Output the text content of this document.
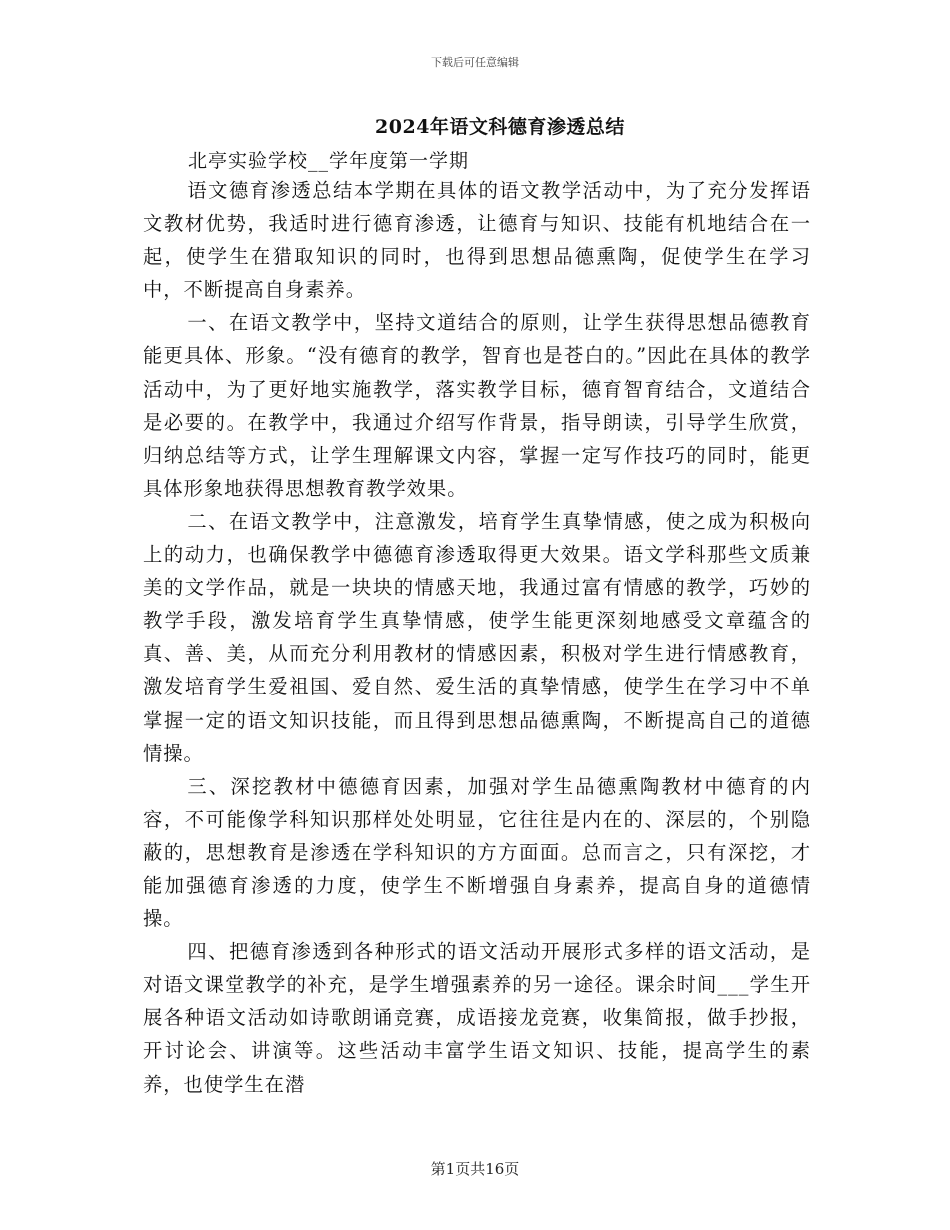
下载后可任意编辑
2024年语文科德育渗透总结
北亭实验学校__学年度第一学期

语文德育渗透总结本学期在具体的语文教学活动中，为了充分发挥语文教材优势，我适时进行德育渗透，让德育与知识、技能有机地结合在一起，使学生在猎取知识的同时，也得到思想品德熏陶，促使学生在学习中，不断提高自身素养。

一、在语文教学中，坚持文道结合的原则，让学生获得思想品德教育能更具体、形象。“没有德育的教学，智育也是苍白的。”因此在具体的教学活动中，为了更好地实施教学，落实教学目标，德育智育结合，文道结合是必要的。在教学中，我通过介绍写作背景，指导朗读，引导学生欣赏，归纳总结等方式，让学生理解课文内容，掌握一定写作技巧的同时，能更具体形象地获得思想教育教学效果。

二、在语文教学中，注意激发，培育学生真挚情感，使之成为积极向上的动力，也确保教学中德德育渗透取得更大效果。语文学科那些文质兼美的文学作品，就是一块块的情感天地，我通过富有情感的教学，巧妙的教学手段，激发培育学生真挚情感，使学生能更深刻地感受文章蕴含的真、善、美，从而充分利用教材的情感因素，积极对学生进行情感教育，激发培育学生爱祖国、爱自然、爱生活的真挚情感，使学生在学习中不单掌握一定的语文知识技能，而且得到思想品德熏陶，不断提高自己的道德情操。

三、深挖教材中德德育因素，加强对学生品德熏陶教材中德育的内容，不可能像学科知识那样处处明显，它往往是内在的、深层的，个别隐蔽的，思想教育是渗透在学科知识的方方面面。总而言之，只有深挖，才能加强德育渗透的力度，使学生不断增强自身素养，提高自身的道德情操。

四、把德育渗透到各种形式的语文活动开展形式多样的语文活动，是对语文课堂教学的补充，是学生增强素养的另一途径。课余时间___学生开展各种语文活动如诗歌朗诵竞赛，成语接龙竞赛，收集简报，做手抄报，开讨论会、讲演等。这些活动丰富学生语文知识、技能，提高学生的素养，也使学生在潜

第1页共16页
